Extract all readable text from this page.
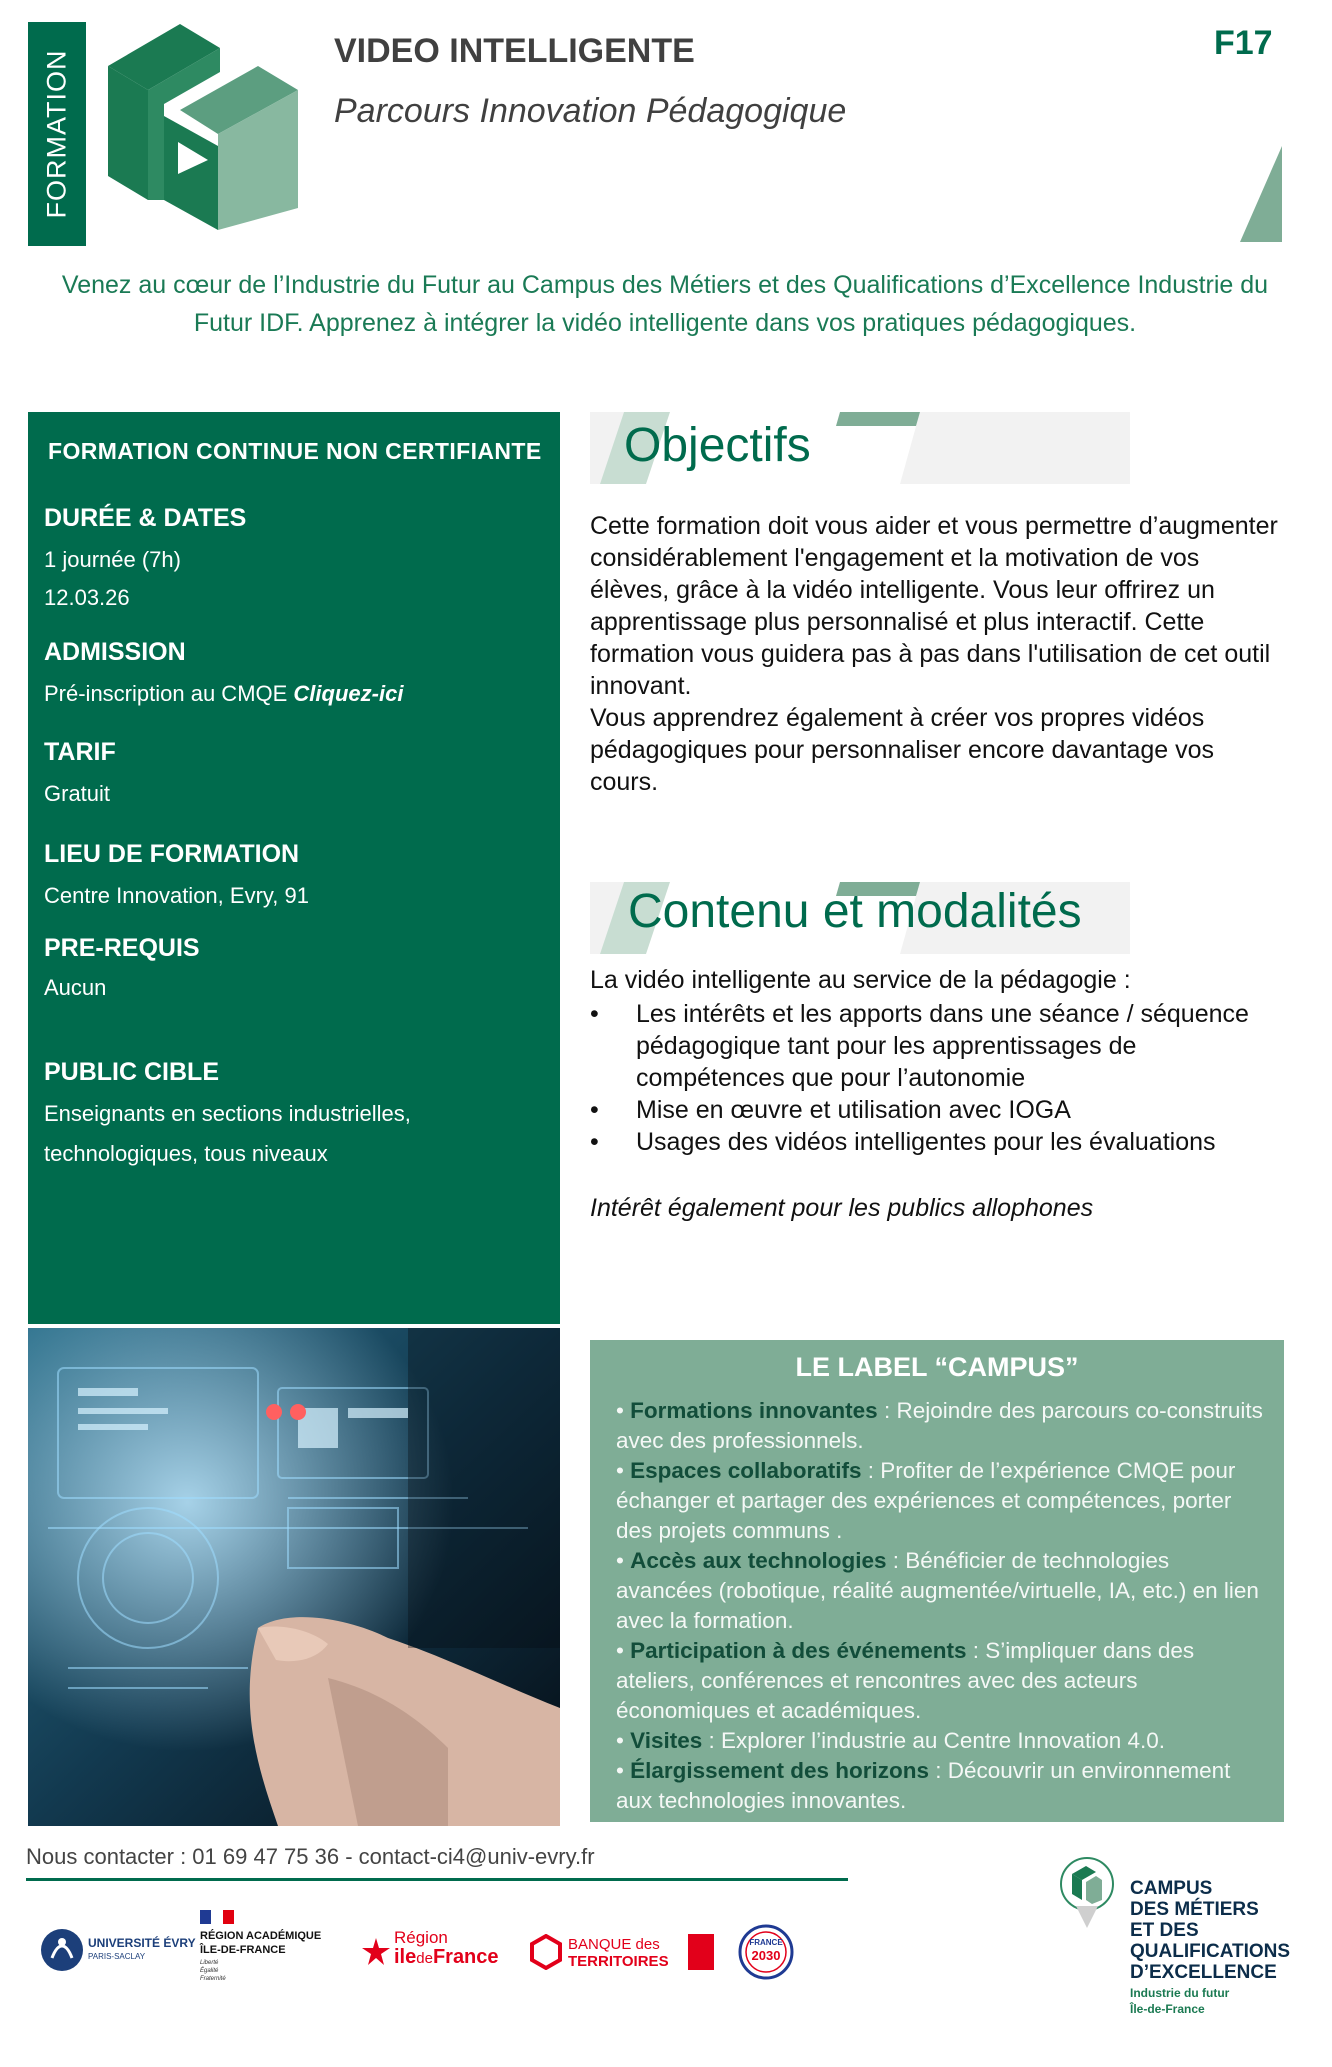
FORMATION	VIDEO INTELLIGENTE
Parcours Innovation Pédagogique
F17
Venez au cœur de l’Industrie du Futur au Campus des Métiers et des Qualifications d’Excellence Industrie du Futur IDF. Apprenez à intégrer la vidéo intelligente dans vos pratiques pédagogiques.
FORMATION CONTINUE NON CERTIFIANTE
DURÉE & DATES
1 journée (7h)
12.03.26
ADMISSION
Pré-inscription au CMQE Cliquez-ici
TARIF
Gratuit
LIEU DE FORMATION
Centre Innovation, Evry, 91
PRE-REQUIS
Aucun
PUBLIC CIBLE
Enseignants en sections industrielles,
technologiques, tous niveaux
Objectifs
Cette formation doit vous aider et vous permettre d’augmenter considérablement l'engagement et la motivation de vos élèves, grâce à la vidéo intelligente. Vous leur offrirez un apprentissage plus personnalisé et plus interactif. Cette formation vous guidera pas à pas dans l'utilisation de cet outil innovant.
Vous apprendrez également à créer vos propres vidéos pédagogiques pour personnaliser encore davantage vos cours.
Contenu et modalités
La vidéo intelligente au service de la pédagogie :
• Les intérêts et les apports dans une séance / séquence pédagogique tant pour les apprentissages de compétences que pour l’autonomie
• Mise en œuvre et utilisation avec IOGA
• Usages des vidéos intelligentes pour les évaluations
Intérêt également pour les publics allophones
LE LABEL “CAMPUS”

• Formations innovantes : Rejoindre des parcours co-construits avec des professionnels.

• Espaces collaboratifs : Profiter de l’expérience CMQE pour échanger et partager des expériences et compétences, porter des projets communs .

• Accès aux technologies : Bénéficier de technologies avancées (robotique, réalité augmentée/virtuelle, IA, etc.) en lien avec la formation.

• Participation à des événements : S’impliquer dans des ateliers, conférences et rencontres avec des acteurs économiques et académiques.

• Visites : Explorer l’industrie au Centre Innovation 4.0.

• Élargissement des horizons : Découvrir un environnement aux technologies innovantes.

Nous contacter : 01 69 47 75 36 - contact-ci4@univ-evry.fr
UNIVERSITÉ ÉVRY
PARIS-SACLAY
RÉGION ACADÉMIQUE
ÎLE-DE-FRANCE
Liberté
Égalité
Fraternité
Région
iledeFrance
BANQUE des
TERRITOIRES
FRANCE
2030
CAMPUS
DES MÉTIERS
ET DES
QUALIFICATIONS
D’EXCELLENCE
Industrie du futur
Île-de-France
